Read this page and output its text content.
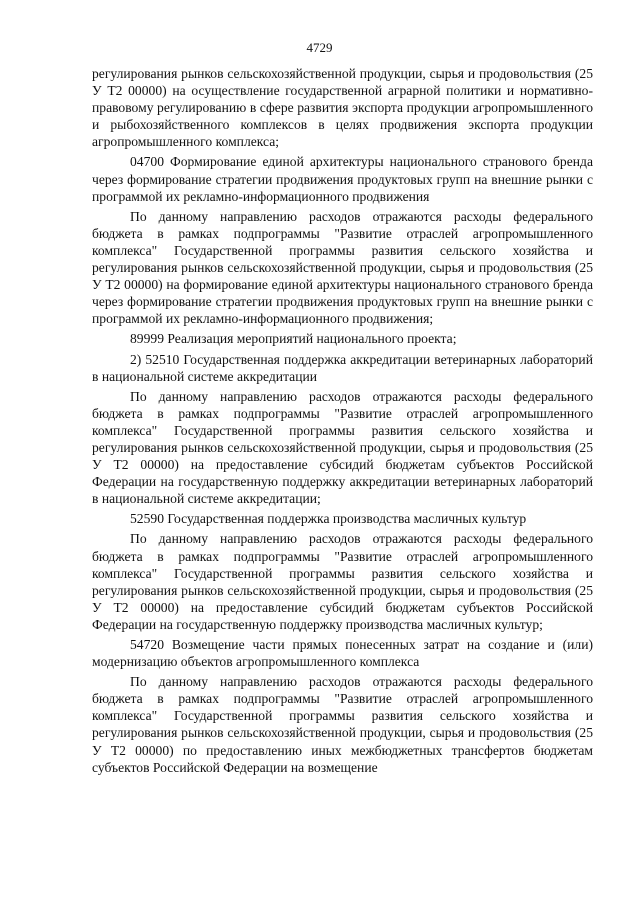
4729

регулирования рынков сельскохозяйственной продукции, сырья и продовольствия (25 У Т2 00000) на осуществление государственной аграрной политики и нормативно-правовому регулированию в сфере развития экспорта продукции агропромышленного и рыбохозяйственного комплексов в целях продвижения экспорта продукции агропромышленного комплекса;

04700 Формирование единой архитектуры национального странового бренда через формирование стратегии продвижения продуктовых групп на внешние рынки с программой их рекламно-информационного продвижения

По данному направлению расходов отражаются расходы федерального бюджета в рамках подпрограммы "Развитие отраслей агропромышленного комплекса" Государственной программы развития сельского хозяйства и регулирования рынков сельскохозяйственной продукции, сырья и продовольствия (25 У Т2 00000) на формирование единой архитектуры национального странового бренда через формирование стратегии продвижения продуктовых групп на внешние рынки с программой их рекламно-информационного продвижения;

89999 Реализация мероприятий национального проекта;

2) 52510 Государственная поддержка аккредитации ветеринарных лабораторий в национальной системе аккредитации

По данному направлению расходов отражаются расходы федерального бюджета в рамках подпрограммы "Развитие отраслей агропромышленного комплекса" Государственной программы развития сельского хозяйства и регулирования рынков сельскохозяйственной продукции, сырья и продовольствия (25 У Т2 00000) на предоставление субсидий бюджетам субъектов Российской Федерации на государственную поддержку аккредитации ветеринарных лабораторий в национальной системе аккредитации;

52590 Государственная поддержка производства масличных культур

По данному направлению расходов отражаются расходы федерального бюджета в рамках подпрограммы "Развитие отраслей агропромышленного комплекса" Государственной программы развития сельского хозяйства и регулирования рынков сельскохозяйственной продукции, сырья и продовольствия (25 У Т2 00000) на предоставление субсидий бюджетам субъектов Российской Федерации на государственную поддержку производства масличных культур;

54720 Возмещение части прямых понесенных затрат на создание и (или) модернизацию объектов агропромышленного комплекса

По данному направлению расходов отражаются расходы федерального бюджета в рамках подпрограммы "Развитие отраслей агропромышленного комплекса" Государственной программы развития сельского хозяйства и регулирования рынков сельскохозяйственной продукции, сырья и продовольствия (25 У Т2 00000) по предоставлению иных межбюджетных трансфертов бюджетам субъектов Российской Федерации на возмещение
